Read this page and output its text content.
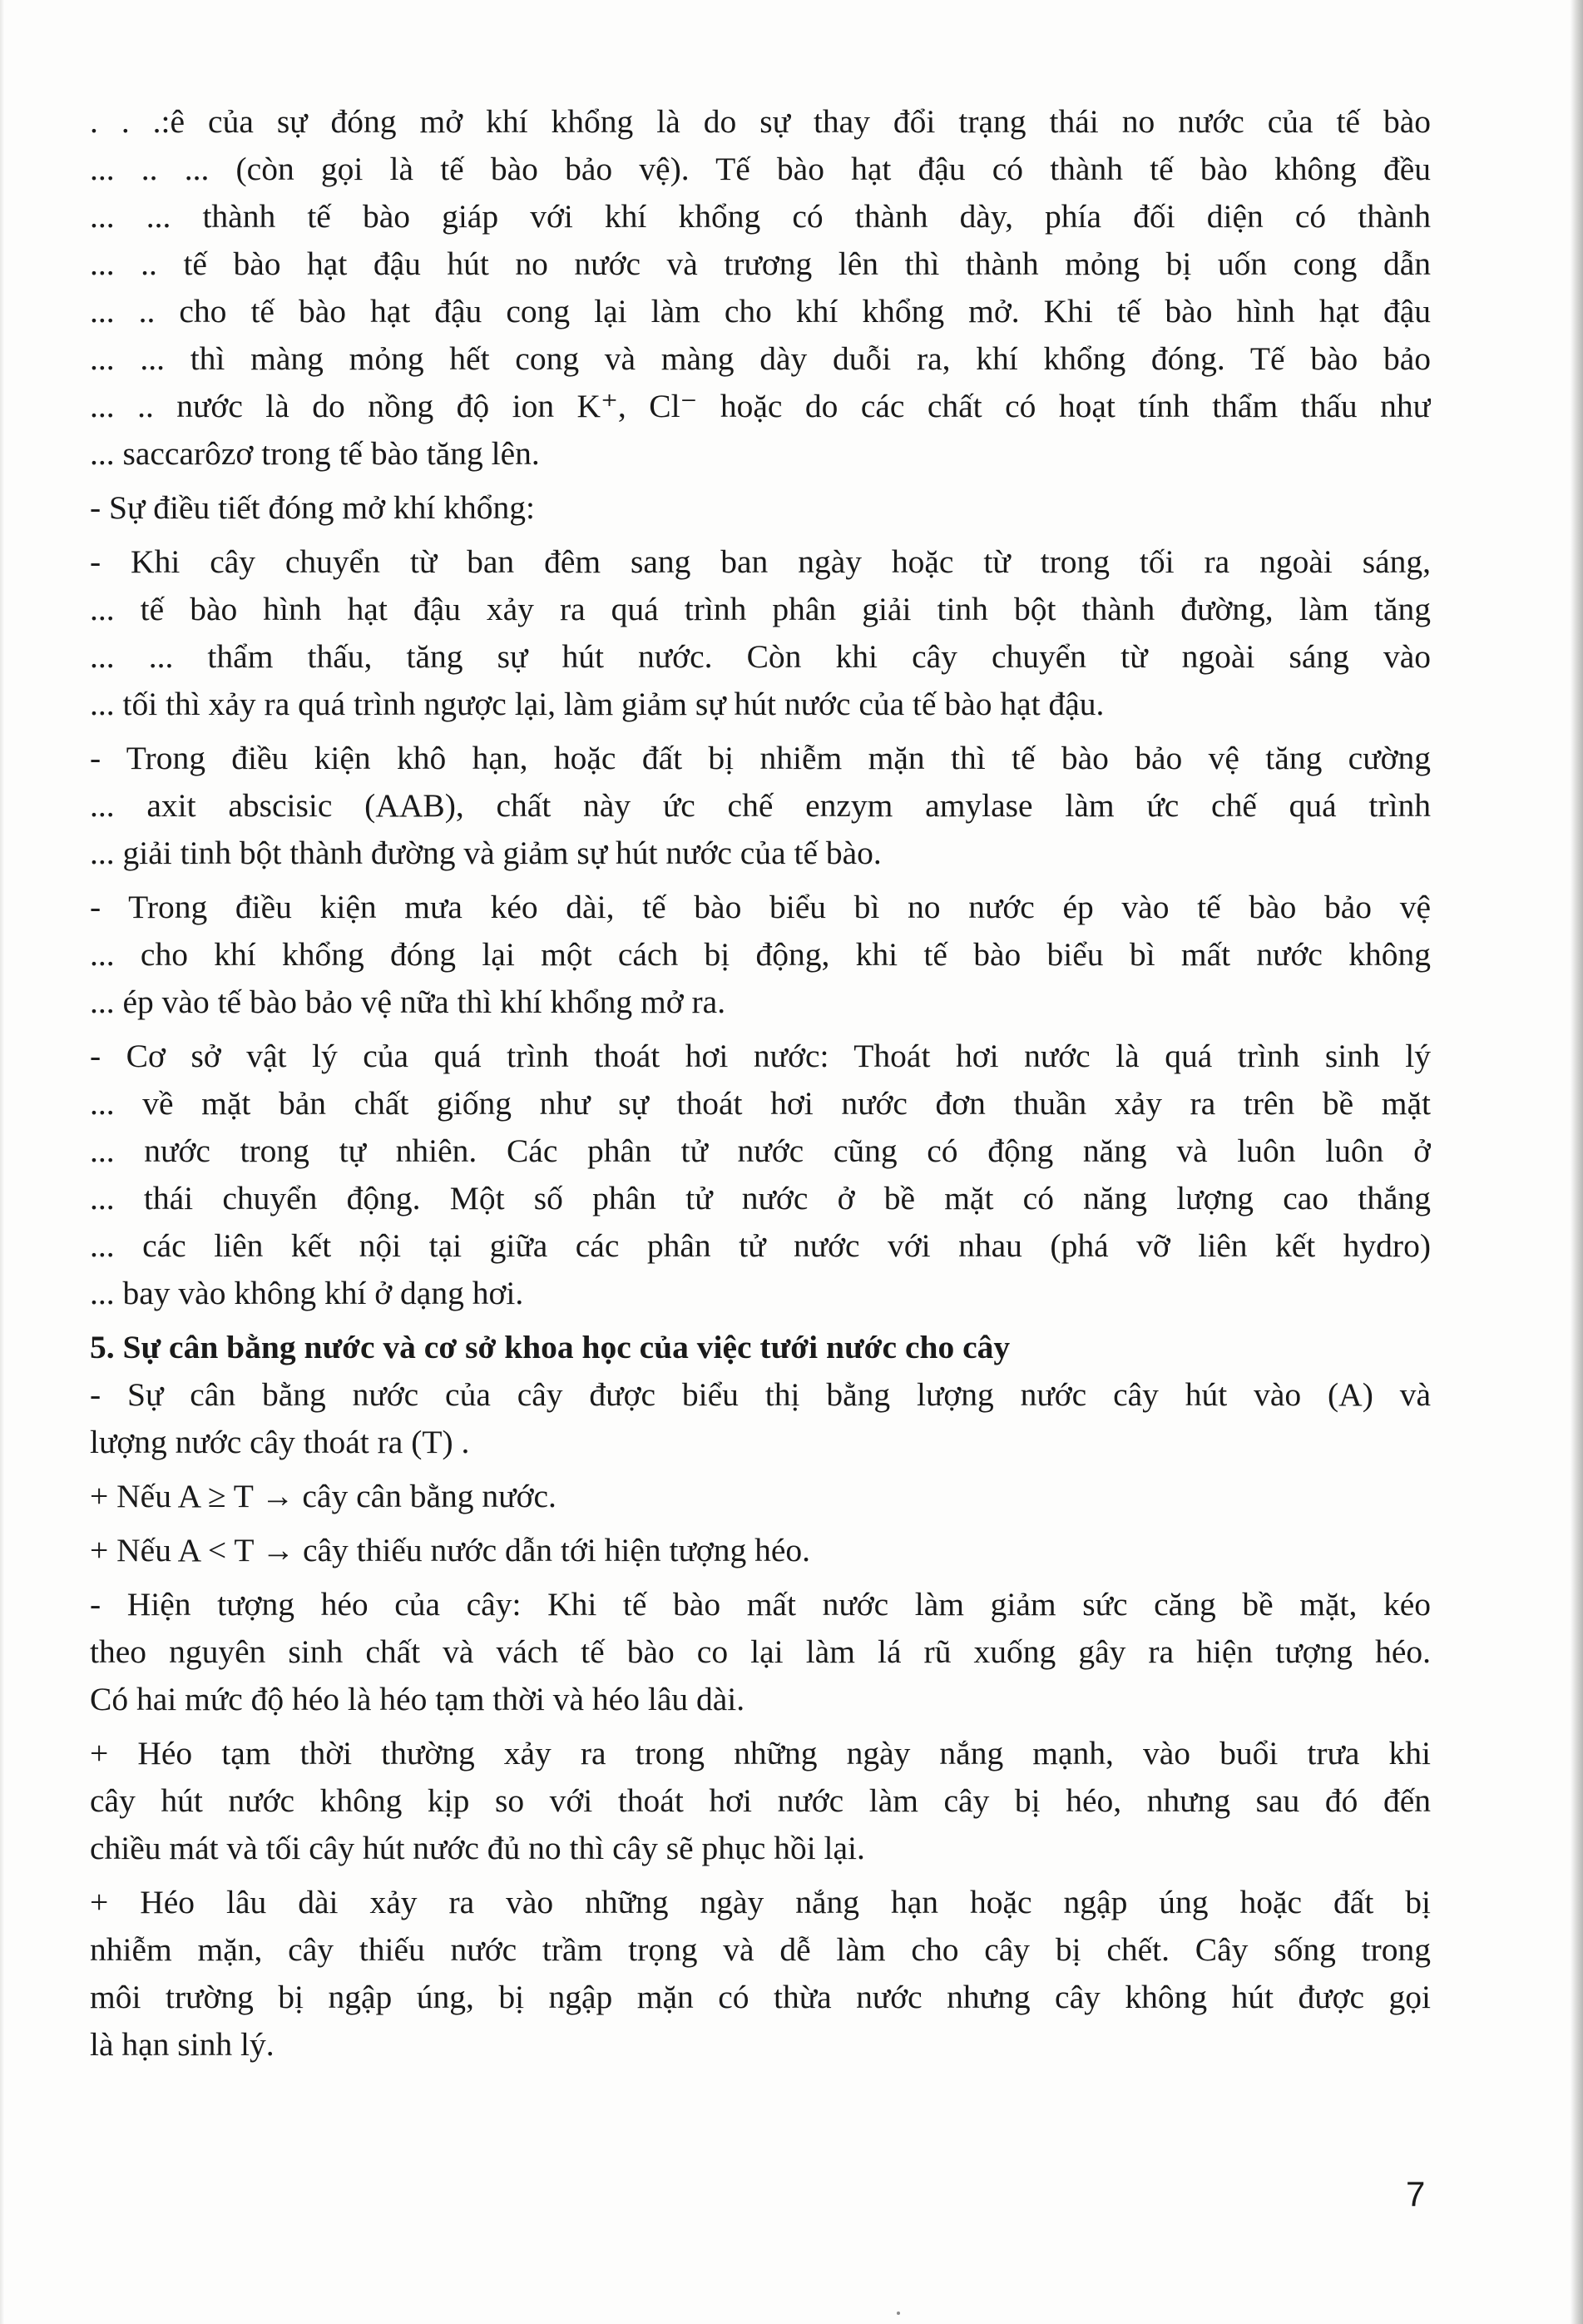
. . .:ê của sự đóng mở khí khổng là do sự thay đổi trạng thái no nước của tế bào
... .. ... (còn gọi là tế bào bảo vệ). Tế bào hạt đậu có thành tế bào không đều
... ... thành tế bào giáp với khí khổng có thành dày, phía đối diện có thành
... .. tế bào hạt đậu hút no nước và trương lên thì thành mỏng bị uốn cong dẫn
... .. cho tế bào hạt đậu cong lại làm cho khí khổng mở. Khi tế bào hình hạt đậu
... ... thì màng mỏng hết cong và màng dày duỗi ra, khí khổng đóng. Tế bào bảo
... .. nước là do nồng độ ion K⁺, Cl⁻ hoặc do các chất có hoạt tính thẩm thấu như
... saccarôzơ trong tế bào tăng lên.
- Sự điều tiết đóng mở khí khổng:
- Khi cây chuyển từ ban đêm sang ban ngày hoặc từ trong tối ra ngoài sáng,
... tế bào hình hạt đậu xảy ra quá trình phân giải tinh bột thành đường, làm tăng
... ... thẩm thấu, tăng sự hút nước. Còn khi cây chuyển từ ngoài sáng vào
... tối thì xảy ra quá trình ngược lại, làm giảm sự hút nước của tế bào hạt đậu.
- Trong điều kiện khô hạn, hoặc đất bị nhiễm mặn thì tế bào bảo vệ tăng cường
... axit abscisic (AAB), chất này ức chế enzym amylase làm ức chế quá trình
... giải tinh bột thành đường và giảm sự hút nước của tế bào.
- Trong điều kiện mưa kéo dài, tế bào biểu bì no nước ép vào tế bào bảo vệ
... cho khí khổng đóng lại một cách bị động, khi tế bào biểu bì mất nước không
... ép vào tế bào bảo vệ nữa thì khí khổng mở ra.
- Cơ sở vật lý của quá trình thoát hơi nước: Thoát hơi nước là quá trình sinh lý
... về mặt bản chất giống như sự thoát hơi nước đơn thuần xảy ra trên bề mặt
... nước trong tự nhiên. Các phân tử nước cũng có động năng và luôn luôn ở
... thái chuyển động. Một số phân tử nước ở bề mặt có năng lượng cao thắng
... các liên kết nội tại giữa các phân tử nước với nhau (phá vỡ liên kết hydro)
... bay vào không khí ở dạng hơi.
5. Sự cân bằng nước và cơ sở khoa học của việc tưới nước cho cây
- Sự cân bằng nước của cây được biểu thị bằng lượng nước cây hút vào (A) và
lượng nước cây thoát ra (T) .
+ Nếu A ≥ T → cây cân bằng nước.
+ Nếu A < T → cây thiếu nước dẫn tới hiện tượng héo.
- Hiện tượng héo của cây: Khi tế bào mất nước làm giảm sức căng bề mặt, kéo
theo nguyên sinh chất và vách tế bào co lại làm lá rũ xuống gây ra hiện tượng héo.
Có hai mức độ héo là héo tạm thời và héo lâu dài.
+ Héo tạm thời thường xảy ra trong những ngày nắng mạnh, vào buổi trưa khi
cây hút nước không kịp so với thoát hơi nước làm cây bị héo, nhưng sau đó đến
chiều mát và tối cây hút nước đủ no thì cây sẽ phục hồi lại.
+ Héo lâu dài xảy ra vào những ngày nắng hạn hoặc ngập úng hoặc đất bị
nhiễm mặn, cây thiếu nước trầm trọng và dễ làm cho cây bị chết. Cây sống trong
môi trường bị ngập úng, bị ngập mặn có thừa nước nhưng cây không hút được gọi
là hạn sinh lý.
7
